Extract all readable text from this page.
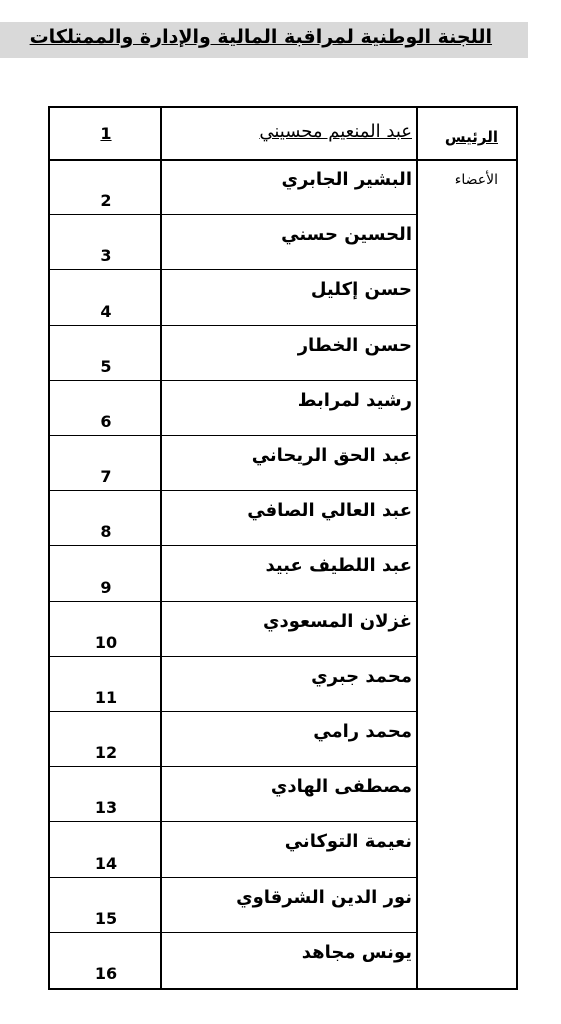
اللجنة الوطنية لمراقبة المالية والإدارة والممتلكات
الرئيس
الأعضاء
1	عبد المنعيم محسيني
2
البشير الجابري
3
الحسين حسني
4
حسن إكليل
5
حسن الخطار
6
رشيد لمرابط
7
عبد الحق الريحاني
8
عبد العالي الصافي
9
عبد اللطيف عبيد
10
غزلان المسعودي
11
محمد جبري
12
محمد رامي
13
مصطفى الهادي
14
نعيمة التوكاني
15
نور الدين الشرقاوي
16
يونس مجاهد
